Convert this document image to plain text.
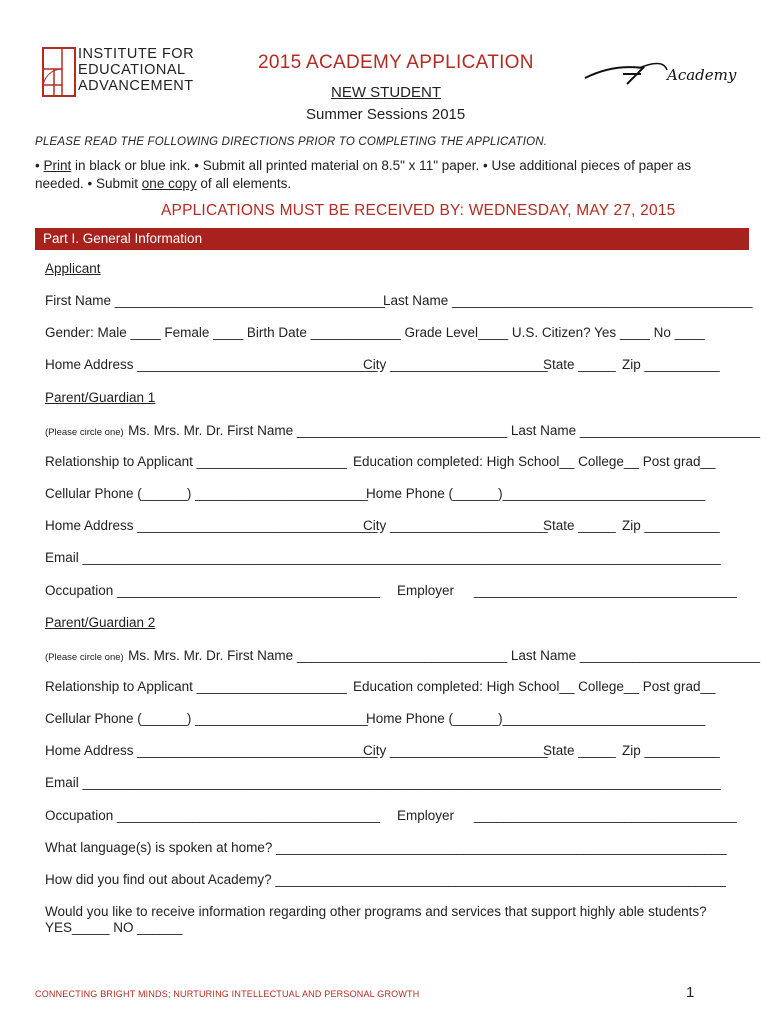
INSTITUTE FOR
EDUCATIONAL
ADVANCEMENT
2015 ACADEMY APPLICATION
NEW STUDENT
Summer Sessions 2015
Academy
PLEASE READ THE FOLLOWING DIRECTIONS PRIOR TO COMPLETING THE APPLICATION.
• Print in black or blue ink. • Submit all printed material on 8.5" x 11" paper. • Use additional pieces of paper as needed. • Submit one copy of all elements.
APPLICATIONS MUST BE RECEIVED BY: WEDNESDAY, MAY 27, 2015
Part I. General Information
Applicant
First Name ____________________________________
Last Name ________________________________________
Gender: Male ____ Female ____ Birth Date ____________ Grade Level____ U.S. Citizen? Yes ____ No ____
Home Address ________________________________
City _____________________
State _____ Zip __________
Parent/Guardian 1
(Please circle one) Ms. Mrs. Mr. Dr. First Name ____________________________ Last Name ________________________
Relationship to Applicant ____________________ Education completed: High School__ College__ Post grad__
Cellular Phone (______) _______________________
Home Phone (______)___________________________
Home Address ________________________________
City _____________________
State _____ Zip __________
Email _____________________________________________________________________________________
Occupation ___________________________________ Employer ___________________________________
Parent/Guardian 2
(Please circle one) Ms. Mrs. Mr. Dr. First Name ____________________________ Last Name ________________________
Relationship to Applicant ____________________ Education completed: High School__ College__ Post grad__
Cellular Phone (______) _______________________
Home Phone (______)___________________________
Home Address ________________________________
City _____________________
State _____ Zip __________
Email _____________________________________________________________________________________
Occupation ___________________________________ Employer ___________________________________
What language(s) is spoken at home? ____________________________________________________________
How did you find out about Academy? ____________________________________________________________
Would you like to receive information regarding other programs and services that support highly able students?
YES_____ NO ______
CONNECTING BRIGHT MINDS; NURTURING INTELLECTUAL AND PERSONAL GROWTH	1
